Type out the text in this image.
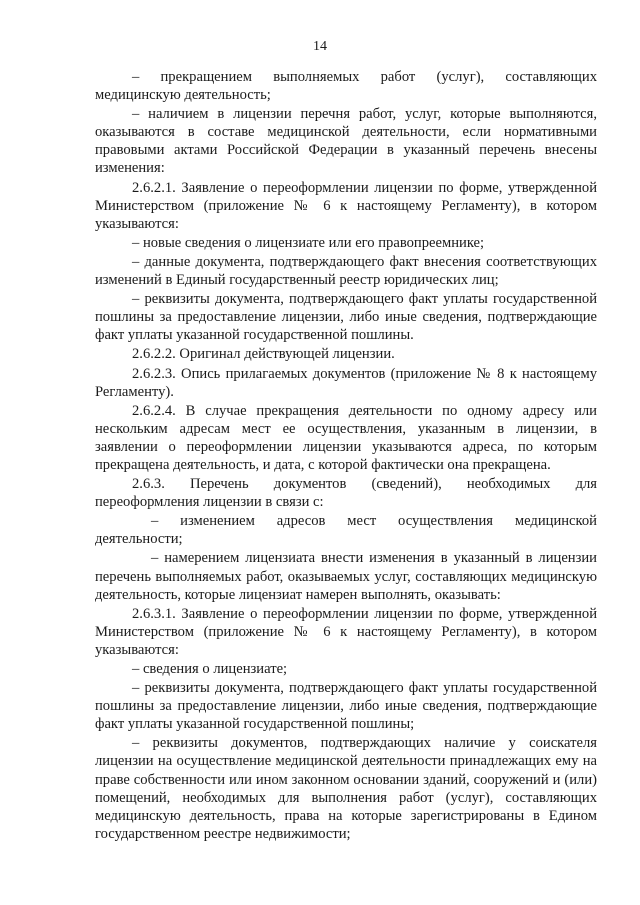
14

– прекращением выполняемых работ (услуг), составляющих медицинскую деятельность;

– наличием в лицензии перечня работ, услуг, которые выполняются, оказываются в составе медицинской деятельности, если нормативными правовыми актами Российской Федерации в указанный перечень внесены изменения:

2.6.2.1. Заявление о переоформлении лицензии по форме, утвержденной Министерством (приложение № 6 к настоящему Регламенту), в котором указываются:

– новые сведения о лицензиате или его правопреемнике;

– данные документа, подтверждающего факт внесения соответствующих изменений в Единый государственный реестр юридических лиц;

– реквизиты документа, подтверждающего факт уплаты государственной пошлины за предоставление лицензии, либо иные сведения, подтверждающие факт уплаты указанной государственной пошлины.

2.6.2.2. Оригинал действующей лицензии.

2.6.2.3. Опись прилагаемых документов (приложение № 8 к настоящему Регламенту).

2.6.2.4. В случае прекращения деятельности по одному адресу или нескольким адресам мест ее осуществления, указанным в лицензии, в заявлении о переоформлении лицензии указываются адреса, по которым прекращена деятельность, и дата, с которой фактически она прекращена.

2.6.3. Перечень документов (сведений), необходимых для переоформления лицензии в связи с:

– изменением адресов мест осуществления медицинской деятельности;

– намерением лицензиата внести изменения в указанный в лицензии перечень выполняемых работ, оказываемых услуг, составляющих медицинскую деятельность, которые лицензиат намерен выполнять, оказывать:

2.6.3.1. Заявление о переоформлении лицензии по форме, утвержденной Министерством (приложение № 6 к настоящему Регламенту), в котором указываются:

– сведения о лицензиате;

– реквизиты документа, подтверждающего факт уплаты государственной пошлины за предоставление лицензии, либо иные сведения, подтверждающие факт уплаты указанной государственной пошлины;

– реквизиты документов, подтверждающих наличие у соискателя лицензии на осуществление медицинской деятельности принадлежащих ему на праве собственности или ином законном основании зданий, сооружений и (или) помещений, необходимых для выполнения работ (услуг), составляющих медицинскую деятельность, права на которые зарегистрированы в Едином государственном реестре недвижимости;
